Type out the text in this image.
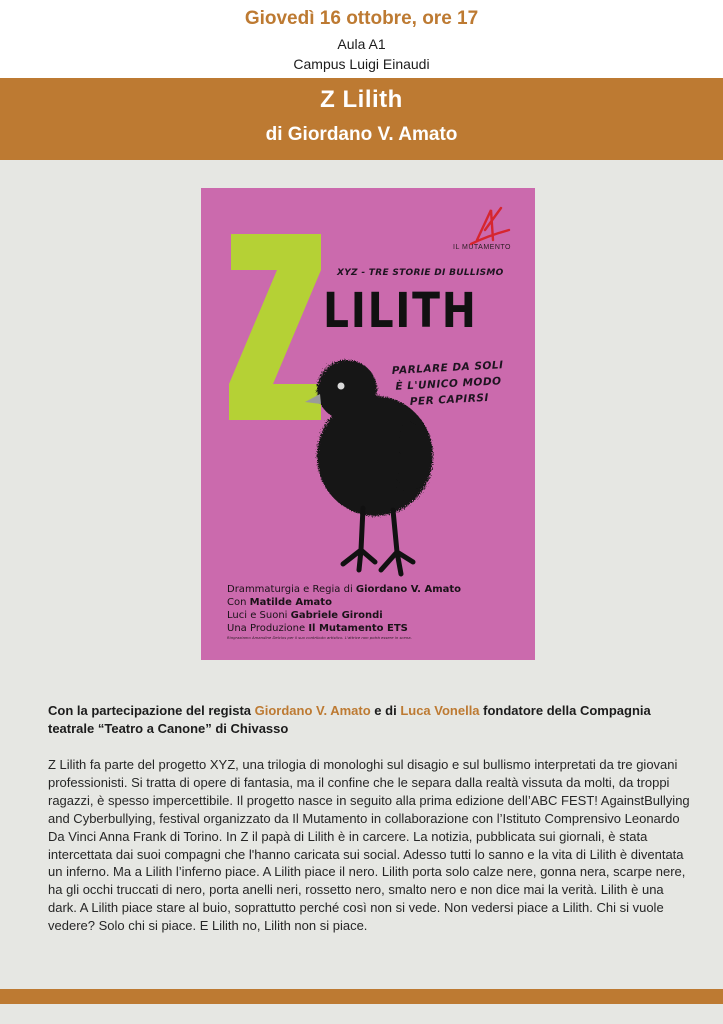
Giovedì 16 ottobre, ore 17
Aula A1
Campus Luigi Einaudi
Z Lilith
di Giordano V. Amato
IL MUTAMENTO
XYZ - TRE STORIE DI BULLISMO
LILITH
PARLARE DA SOLI
È L'UNICO MODO
PER CAPIRSI
Drammaturgia e Regia di Giordano V. Amato
Con Matilde Amato
Luci e Suoni Gabriele Girondi
Una Produzione Il Mutamento ETS
Ringraziamo Amandine Delclos per il suo contributo artistico. L'attrice non potrà essere in scena.
Con la partecipazione del regista Giordano V. Amato e di Luca Vonella fondatore della Compagnia teatrale “Teatro a Canone” di Chivasso
Z Lilith fa parte del progetto XYZ, una trilogia di monologhi sul disagio e sul bullismo interpretati da tre giovani professionisti. Si tratta di opere di fantasia, ma il confine che le separa dalla realtà vissuta da molti, da troppi ragazzi, è spesso impercettibile. Il progetto nasce in seguito alla prima edizione dell’ABC FEST! AgainstBullying and Cyberbullying, festival organizzato da Il Mutamento in collaborazione con l’Istituto Comprensivo Leonardo Da Vinci Anna Frank di Torino. In Z il papà di Lilith è in carcere. La notizia, pubblicata sui giornali, è stata intercettata dai suoi compagni che l'hanno caricata sui social. Adesso tutti lo sanno e la vita di Lilith è diventata un inferno. Ma a Lilith l’inferno piace. A Lilith piace il nero. Lilith porta solo calze nere, gonna nera, scarpe nere, ha gli occhi truccati di nero, porta anelli neri, rossetto nero, smalto nero e non dice mai la verità. Lilith è una dark. A Lilith piace stare al buio, soprattutto perché così non si vede. Non vedersi piace a Lilith. Chi si vuole vedere? Solo chi si piace. E Lilith no, Lilith non si piace.
